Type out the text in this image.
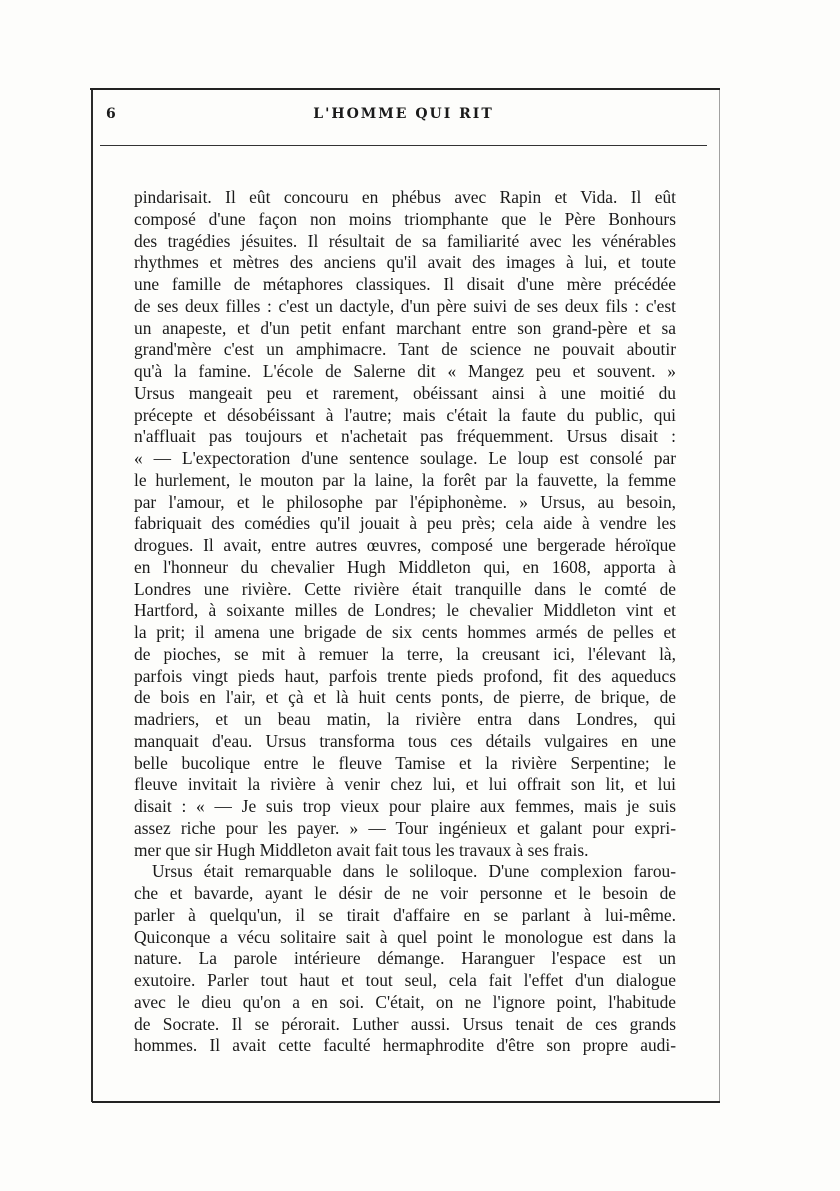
6	L'HOMME QUI RIT
pindarisait. Il eût concouru en phébus avec Rapin et Vida. Il eût
composé d'une façon non moins triomphante que le Père Bonhours
des tragédies jésuites. Il résultait de sa familiarité avec les vénérables
rhythmes et mètres des anciens qu'il avait des images à lui, et toute
une famille de métaphores classiques. Il disait d'une mère précédée
de ses deux filles : c'est un dactyle, d'un père suivi de ses deux fils : c'est
un anapeste, et d'un petit enfant marchant entre son grand-père et sa
grand'mère c'est un amphimacre. Tant de science ne pouvait aboutir
qu'à la famine. L'école de Salerne dit « Mangez peu et souvent. »
Ursus mangeait peu et rarement, obéissant ainsi à une moitié du
précepte et désobéissant à l'autre; mais c'était la faute du public, qui
n'affluait pas toujours et n'achetait pas fréquemment. Ursus disait :
« — L'expectoration d'une sentence soulage. Le loup est consolé par
le hurlement, le mouton par la laine, la forêt par la fauvette, la femme
par l'amour, et le philosophe par l'épiphonème. » Ursus, au besoin,
fabriquait des comédies qu'il jouait à peu près; cela aide à vendre les
drogues. Il avait, entre autres œuvres, composé une bergerade héroïque
en l'honneur du chevalier Hugh Middleton qui, en 1608, apporta à
Londres une rivière. Cette rivière était tranquille dans le comté de
Hartford, à soixante milles de Londres; le chevalier Middleton vint et
la prit; il amena une brigade de six cents hommes armés de pelles et
de pioches, se mit à remuer la terre, la creusant ici, l'élevant là,
parfois vingt pieds haut, parfois trente pieds profond, fit des aqueducs
de bois en l'air, et çà et là huit cents ponts, de pierre, de brique, de
madriers, et un beau matin, la rivière entra dans Londres, qui
manquait d'eau. Ursus transforma tous ces détails vulgaires en une
belle bucolique entre le fleuve Tamise et la rivière Serpentine; le
fleuve invitait la rivière à venir chez lui, et lui offrait son lit, et lui
disait : « — Je suis trop vieux pour plaire aux femmes, mais je suis
assez riche pour les payer. » — Tour ingénieux et galant pour expri-
mer que sir Hugh Middleton avait fait tous les travaux à ses frais.
Ursus était remarquable dans le soliloque. D'une complexion farou-
che et bavarde, ayant le désir de ne voir personne et le besoin de
parler à quelqu'un, il se tirait d'affaire en se parlant à lui-même.
Quiconque a vécu solitaire sait à quel point le monologue est dans la
nature. La parole intérieure démange. Haranguer l'espace est un
exutoire. Parler tout haut et tout seul, cela fait l'effet d'un dialogue
avec le dieu qu'on a en soi. C'était, on ne l'ignore point, l'habitude
de Socrate. Il se pérorait. Luther aussi. Ursus tenait de ces grands
hommes. Il avait cette faculté hermaphrodite d'être son propre audi-
